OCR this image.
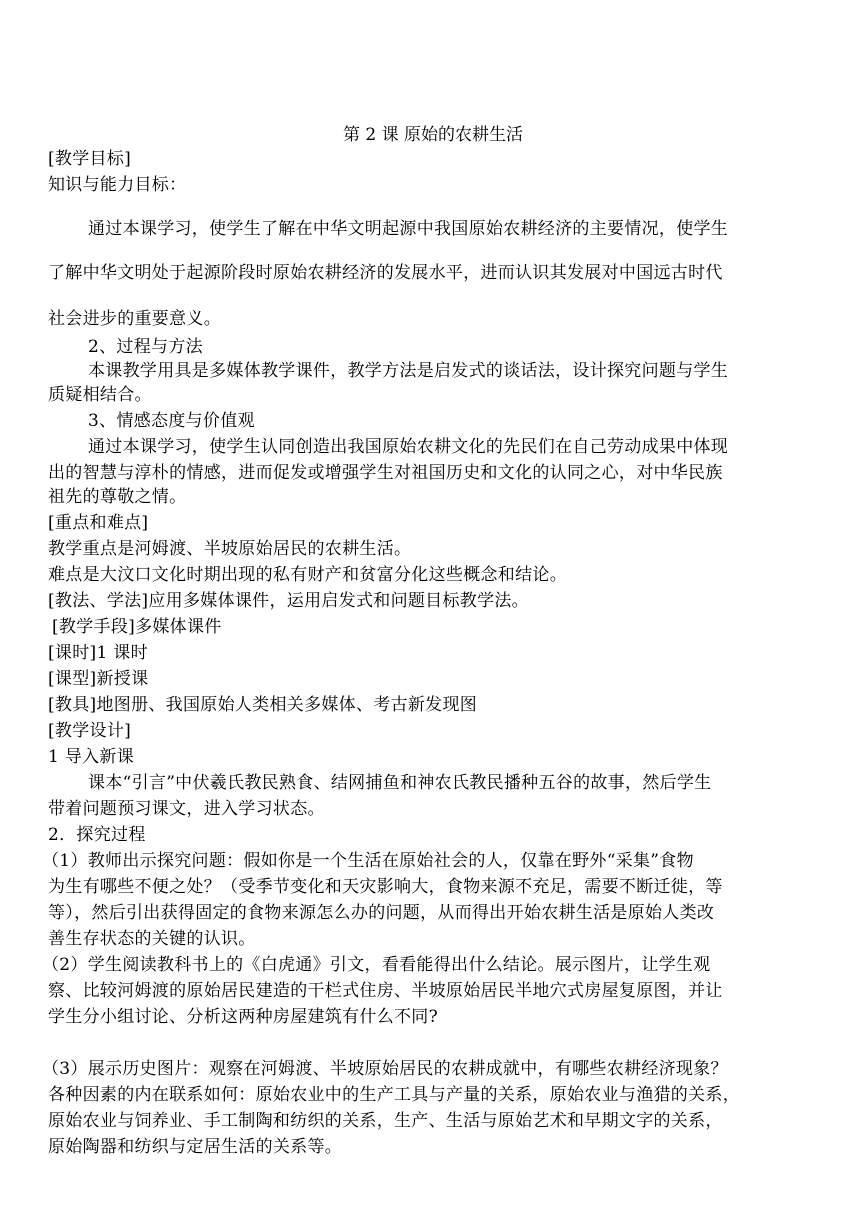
第 2 课 原始的农耕生活
[教学目标]
知识与能力目标：
通过本课学习，使学生了解在中华文明起源中我国原始农耕经济的主要情况，使学生
了解中华文明处于起源阶段时原始农耕经济的发展水平，进而认识其发展对中国远古时代
社会进步的重要意义。
2、过程与方法
本课教学用具是多媒体教学课件，教学方法是启发式的谈话法，设计探究问题与学生
质疑相结合。
3、情感态度与价值观
通过本课学习，使学生认同创造出我国原始农耕文化的先民们在自己劳动成果中体现
出的智慧与淳朴的情感，进而促发或增强学生对祖国历史和文化的认同之心，对中华民族
祖先的尊敬之情。
[重点和难点]
教学重点是河姆渡、半坡原始居民的农耕生活。
难点是大汶口文化时期出现的私有财产和贫富分化这些概念和结论。
[教法、学法]应用多媒体课件，运用启发式和问题目标教学法。
[教学手段]多媒体课件
[课时]1 课时
[课型]新授课
[教具]地图册、我国原始人类相关多媒体、考古新发现图
[教学设计]
1 导入新课
课本“引言”中伏羲氏教民熟食、结网捕鱼和神农氏教民播种五谷的故事，然后学生
带着问题预习课文，进入学习状态。
2．探究过程
（1）教师出示探究问题：假如你是一个生活在原始社会的人，仅靠在野外“采集”食物
为生有哪些不便之处？（受季节变化和天灾影响大，食物来源不充足，需要不断迁徙，等
等），然后引出获得固定的食物来源怎么办的问题，从而得出开始农耕生活是原始人类改
善生存状态的关键的认识。
（2）学生阅读教科书上的《白虎通》引文，看看能得出什么结论。展示图片，让学生观
察、比较河姆渡的原始居民建造的干栏式住房、半坡原始居民半地穴式房屋复原图，并让
学生分小组讨论、分析这两种房屋建筑有什么不同?
（3）展示历史图片：观察在河姆渡、半坡原始居民的农耕成就中，有哪些农耕经济现象？
各种因素的内在联系如何：原始农业中的生产工具与产量的关系，原始农业与渔猎的关系，
原始农业与饲养业、手工制陶和纺织的关系，生产、生活与原始艺术和早期文字的关系，
原始陶器和纺织与定居生活的关系等。
